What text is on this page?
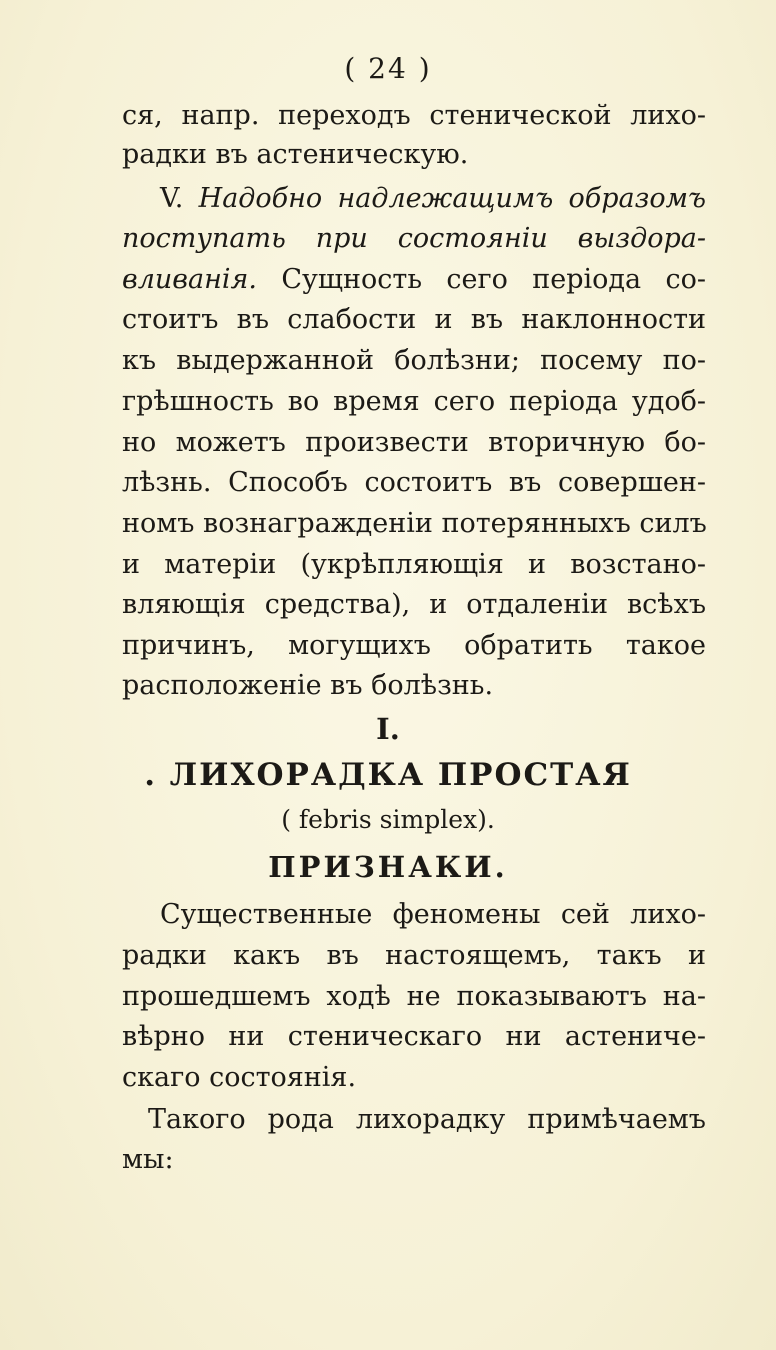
( 24 )
ся, напр. переходъ стенической лихо-
радки въ астеническую.
V. Надобно надлежащимъ образомъ
поступать при состояніи выздора-
вливанія. Сущность сего періода со-
стоитъ въ слабости и въ наклонности
къ выдержанной болѣзни; посему по-
грѣшность во время сего періода удоб-
но можетъ произвести вторичную бо-
лѣзнь. Способъ состоитъ въ совершен-
номъ вознагражденіи потерянныхъ силъ
и матеріи (укрѣпляющія и возстано-
вляющія средства), и отдаленіи всѣхъ
причинъ, могущихъ обратить такое
расположеніе въ болѣзнь.
I.
. ЛИХОРАДКА ПРОСТАЯ
( febris simplex).
ПРИЗНАКИ.
Существенные феномены сей лихо-
радки какъ въ настоящемъ, такъ и
прошедшемъ ходѣ не показываютъ на-
вѣрно ни стеническаго ни астениче-
скаго состоянія.
Такого рода лихорадку примѣчаемъ
мы:
